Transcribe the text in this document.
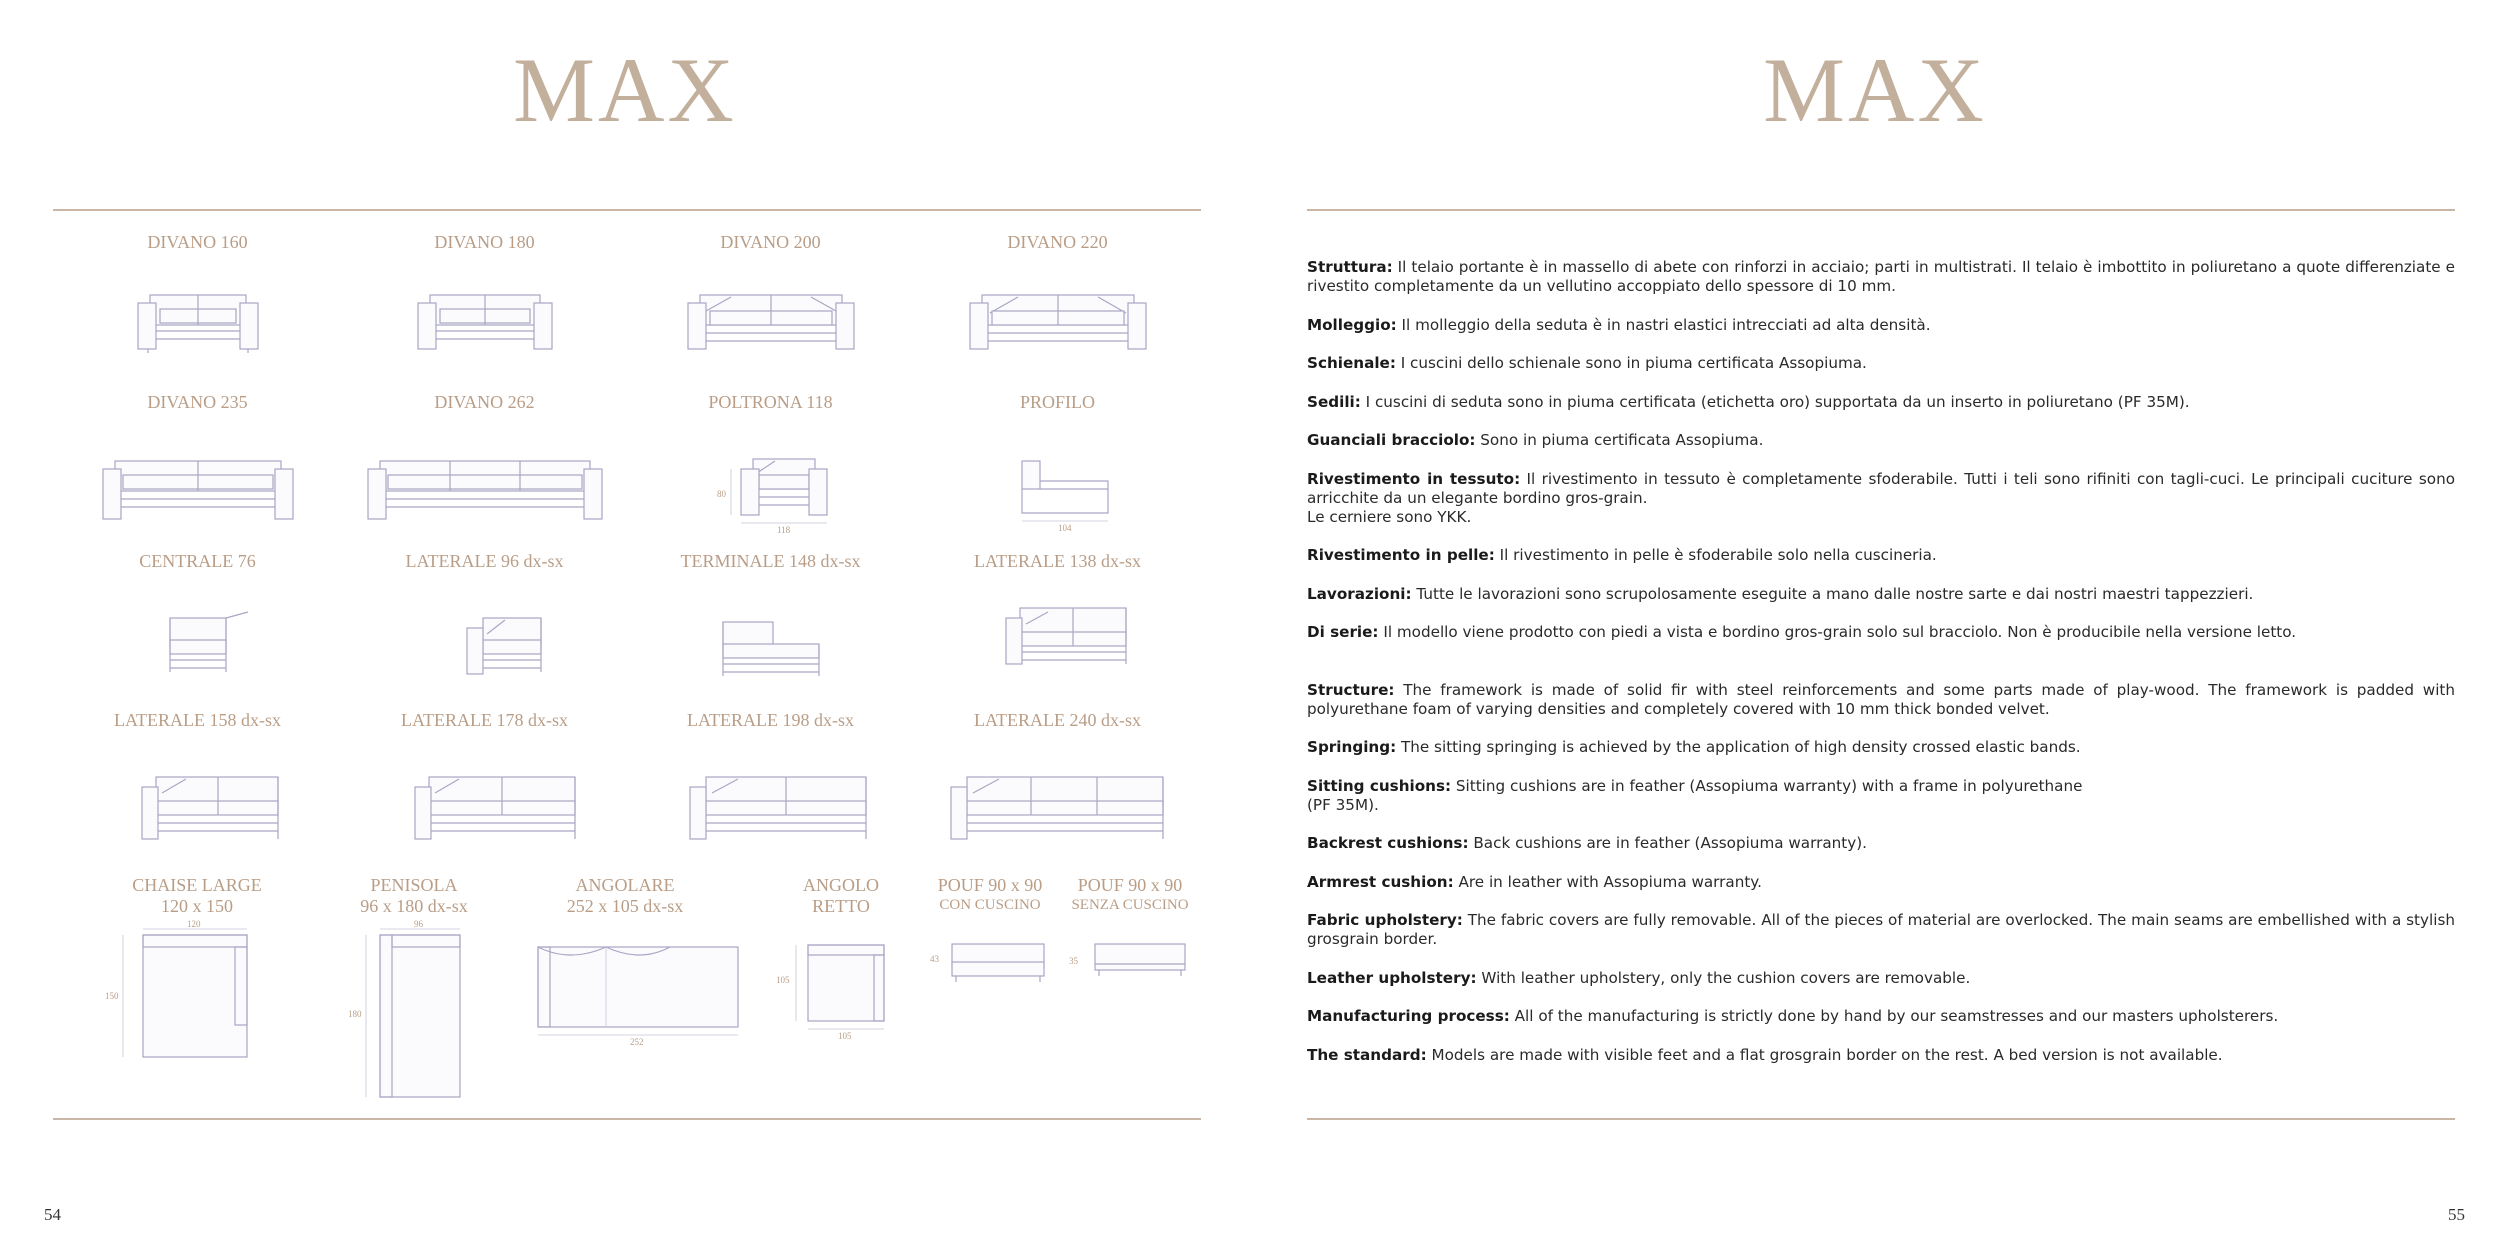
MAX
DIVANO 160	DIVANO 180	DIVANO 200	DIVANO 220
DIVANO 235	DIVANO 262	POLTRONA 118
80
118
PROFILO
104
CENTRALE 76	LATERALE 96 dx-sx	TERMINALE 148 dx-sx	LATERALE 138 dx-sx
LATERALE 158 dx-sx	LATERALE 178 dx-sx	LATERALE 198 dx-sx	LATERALE 240 dx-sx
CHAISE LARGE
120 x 150
120
150
PENISOLA
96 x 180 dx-sx
96
180
ANGOLARE
252 x 105 dx-sx
252
ANGOLO
RETTO
105
105
POUF 90 x 90
CON CUSCINO
43
POUF 90 x 90
SENZA CUSCINO
35
54
MAX

Struttura: Il telaio portante è in massello di abete con rinforzi in acciaio; parti in multistrati. Il telaio è imbottito in poliuretano a quote differenziate e rivestito completamente da un vellutino accoppiato dello spessore di 10 mm.

Molleggio: Il molleggio della seduta è in nastri elastici intrecciati ad alta densità.

Schienale: I cuscini dello schienale sono in piuma certificata Assopiuma.

Sedili: I cuscini di seduta sono in piuma certificata (etichetta oro) supportata da un inserto in poliuretano (PF 35M).

Guanciali bracciolo: Sono in piuma certificata Assopiuma.

Rivestimento in tessuto: Il rivestimento in tessuto è completamente sfoderabile. Tutti i teli sono rifiniti con tagli-cuci. Le principali cuciture sono arricchite da un elegante bordino gros-grain.
Le cerniere sono YKK.

Rivestimento in pelle: Il rivestimento in pelle è sfoderabile solo nella cuscineria.

Lavorazioni: Tutte le lavorazioni sono scrupolosamente eseguite a mano dalle nostre sarte e dai nostri maestri tappezzieri.

Di serie: Il modello viene prodotto con piedi a vista e bordino gros-grain solo sul bracciolo. Non è producibile nella versione letto.

Structure: The framework is made of solid fir with steel reinforcements and some parts made of play-wood. The framework is padded with polyurethane foam of varying densities and completely covered with 10 mm thick bonded velvet.

Springing: The sitting springing is achieved by the application of high density crossed elastic bands.

Sitting cushions: Sitting cushions are in feather (Assopiuma warranty) with a frame in polyurethane
(PF 35M).

Backrest cushions: Back cushions are in feather (Assopiuma warranty).

Armrest cushion: Are in leather with Assopiuma warranty.

Fabric upholstery: The fabric covers are fully removable. All of the pieces of material are overlocked. The main seams are embellished with a stylish grosgrain border.

Leather upholstery: With leather upholstery, only the cushion covers are removable.

Manufacturing process: All of the manufacturing is strictly done by hand by our seamstresses and our masters upholsterers.

The standard: Models are made with visible feet and a flat grosgrain border on the rest. A bed version is not available.

55
